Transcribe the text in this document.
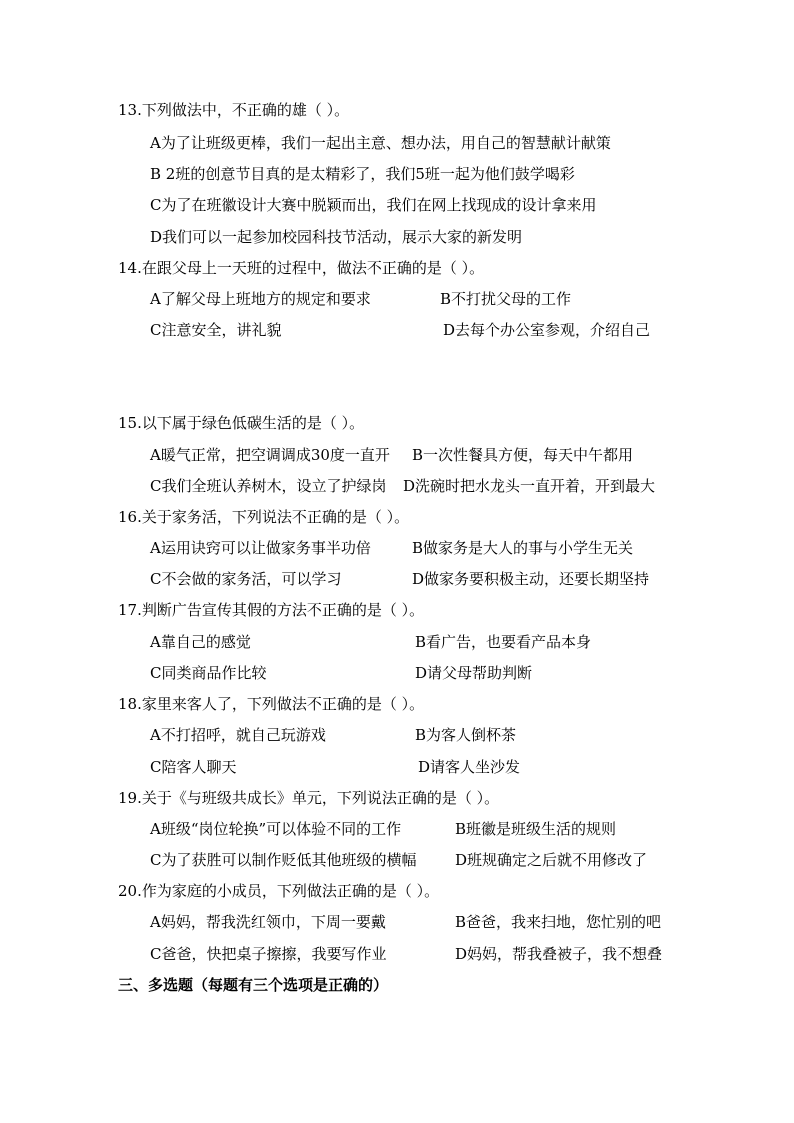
13.下列做法中，不正确的雄（ ）。
A为了让班级更棒，我们一起出主意、想办法，用自己的智慧献计献策
B 2班的创意节目真的是太精彩了，我们5班一起为他们鼓学喝彩
C为了在班徽设计大赛中脱颖而出，我们在网上找现成的设计拿来用
D我们可以一起参加校园科技节活动，展示大家的新发明
14.在跟父母上一天班的过程中，做法不正确的是（ ）。
A了解父母上班地方的规定和要求	B不打扰父母的工作
C注意安全，讲礼貌	D去每个办公室参观，介绍自己
15.以下属于绿色低碳生活的是（ ）。
A暖气正常，把空调调成30度一直开 B一次性餐具方便，每天中午都用
C我们全班认养树木，设立了护绿岗 D洗碗时把水龙头一直开着，开到最大
16.关于家务活，下列说法不正确的是（ ）。
A运用诀窍可以让做家务事半功倍	B做家务是大人的事与小学生无关
C不会做的家务活，可以学习	D做家务要积极主动，还要长期坚持
17.判断广告宣传其假的方法不正确的是（ ）。
A靠自己的感觉	B看广告，也要看产品本身
C同类商品作比较	D请父母帮助判断
18.家里来客人了，下列做法不正确的是（ ）。
A不打招呼，就自己玩游戏	B为客人倒杯茶
C陪客人聊天	D请客人坐沙发
19.关于《与班级共成长》单元，下列说法正确的是（ ）。
A班级“岗位轮换”可以体验不同的工作	B班徽是班级生活的规则
C为了获胜可以制作贬低其他班级的横幅	D班规确定之后就不用修改了
20.作为家庭的小成员，下列做法正确的是（ ）。
A妈妈，帮我洗红领巾，下周一要戴	B爸爸，我来扫地，您忙别的吧
C爸爸，快把桌子擦擦，我要写作业	D妈妈，帮我叠被子，我不想叠
三、多选题（每题有三个选项是正确的）
